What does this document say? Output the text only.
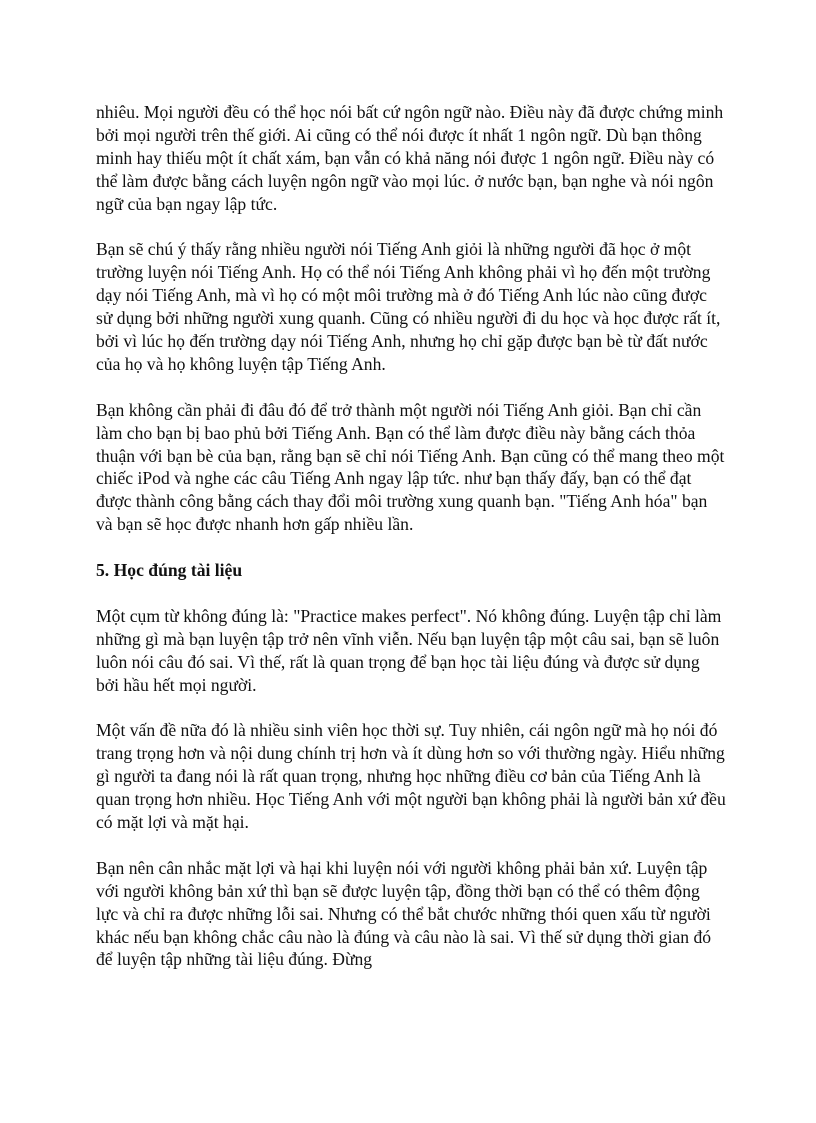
nhiêu. Mọi người đều có thể học nói bất cứ ngôn ngữ nào. Điều này đã được chứng minh bởi mọi người trên thế giới. Ai cũng có thể nói được ít nhất 1 ngôn ngữ. Dù bạn thông minh hay thiếu một ít chất xám, bạn vẫn có khả năng nói được 1 ngôn ngữ. Điều này có thể làm được bằng cách luyện ngôn ngữ vào mọi lúc. ở nước bạn, bạn nghe và nói ngôn ngữ của bạn ngay lập tức.

Bạn sẽ chú ý thấy rằng nhiều người nói Tiếng Anh giỏi là những người đã học ở một trường luyện nói Tiếng Anh. Họ có thể nói Tiếng Anh không phải vì họ đến một trường dạy nói Tiếng Anh, mà vì họ có một môi trường mà ở đó Tiếng Anh lúc nào cũng được sử dụng bởi những người xung quanh. Cũng có nhiều người đi du học và học được rất ít, bởi vì lúc họ đến trường dạy nói Tiếng Anh, nhưng họ chỉ gặp được bạn bè từ đất nước của họ và họ không luyện tập Tiếng Anh.

Bạn không cần phải đi đâu đó để trở thành một người nói Tiếng Anh giỏi. Bạn chỉ cần làm cho bạn bị bao phủ bởi Tiếng Anh. Bạn có thể làm được điều này bằng cách thỏa thuận với bạn bè của bạn, rằng bạn sẽ chỉ nói Tiếng Anh. Bạn cũng có thể mang theo một chiếc iPod và nghe các câu Tiếng Anh ngay lập tức. như bạn thấy đấy, bạn có thể đạt được thành công bằng cách thay đổi môi trường xung quanh bạn. "Tiếng Anh hóa" bạn và bạn sẽ học được nhanh hơn gấp nhiều lần.

5. Học đúng tài liệu

Một cụm từ không đúng là: "Practice makes perfect". Nó không đúng. Luyện tập chỉ làm những gì mà bạn luyện tập trở nên vĩnh viễn. Nếu bạn luyện tập một câu sai, bạn sẽ luôn luôn nói câu đó sai. Vì thế, rất là quan trọng để bạn học tài liệu đúng và được sử dụng bởi hầu hết mọi người.

Một vấn đề nữa đó là nhiều sinh viên học thời sự. Tuy nhiên, cái ngôn ngữ mà họ nói đó trang trọng hơn và nội dung chính trị hơn và ít dùng hơn so với thường ngày. Hiểu những gì người ta đang nói là rất quan trọng, nhưng học những điều cơ bản của Tiếng Anh là quan trọng hơn nhiều. Học Tiếng Anh với một người bạn không phải là người bản xứ đều có mặt lợi và mặt hại.

Bạn nên cân nhắc mặt lợi và hại khi luyện nói với người không phải bản xứ. Luyện tập với người không bản xứ thì bạn sẽ được luyện tập, đồng thời bạn có thể có thêm động lực và chỉ ra được những lỗi sai. Nhưng có thể bắt chước những thói quen xấu từ người khác nếu bạn không chắc câu nào là đúng và câu nào là sai. Vì thế sử dụng thời gian đó để luyện tập những tài liệu đúng. Đừng
